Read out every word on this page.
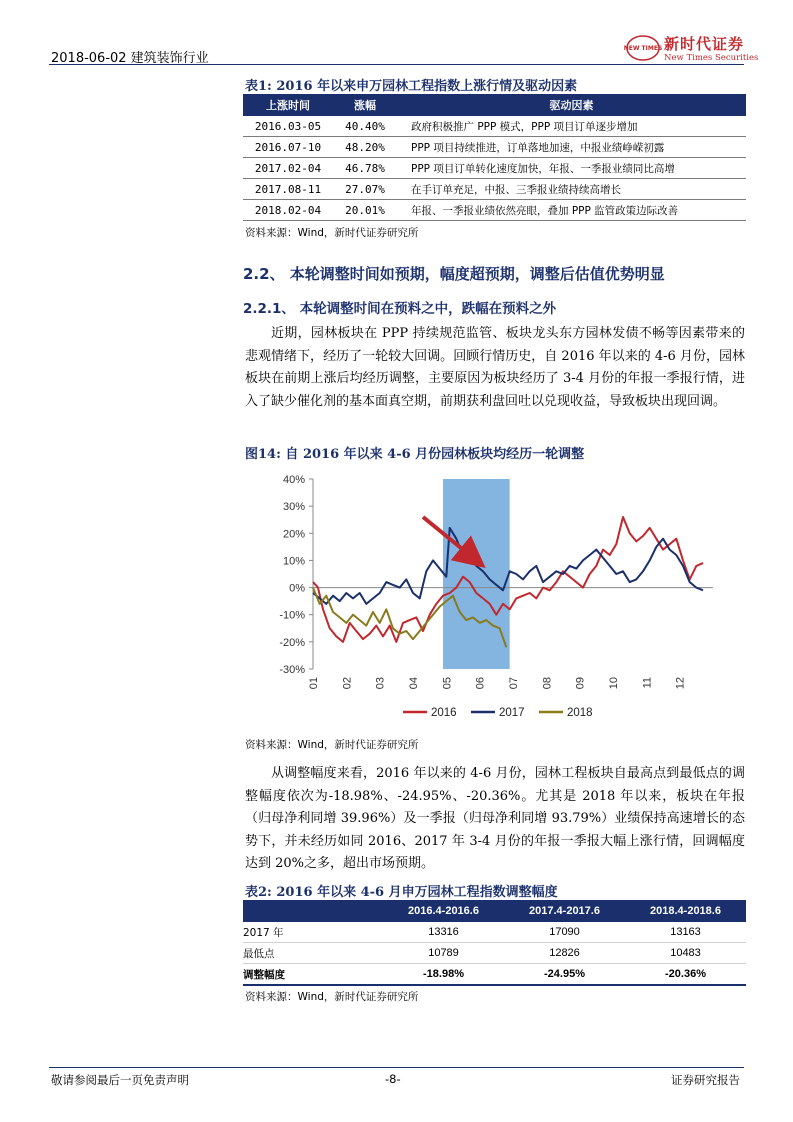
2018-06-02 建筑装饰行业
NEW TIMES 新时代证券
New Times Securities
表1: 2016 年以来申万园林工程指数上涨行情及驱动因素
上涨时间	涨幅	驱动因素
2016.03-05	40.40%	政府积极推广 PPP 模式，PPP 项目订单逐步增加
2016.07-10	48.20%	PPP 项目持续推进，订单落地加速，中报业绩峥嵘初露
2017.02-04	46.78%	PPP 项目订单转化速度加快，年报、一季报业绩同比高增
2017.08-11	27.07%	在手订单充足，中报、三季报业绩持续高增长
2018.02-04	20.01%	年报、一季报业绩依然亮眼，叠加 PPP 监管政策边际改善
资料来源：Wind，新时代证券研究所
2.2、 本轮调整时间如预期，幅度超预期，调整后估值优势明显
2.2.1、 本轮调整时间在预料之中，跌幅在预料之外
近期，园林板块在 PPP 持续规范监管、板块龙头东方园林发债不畅等因素带来的悲观情绪下，经历了一轮较大回调。回顾行情历史，自 2016 年以来的 4-6 月份，园林板块在前期上涨后均经历调整，主要原因为板块经历了 3-4 月份的年报一季报行情，进入了缺少催化剂的基本面真空期，前期获利盘回吐以兑现收益，导致板块出现回调。
图14: 自 2016 年以来 4-6 月份园林板块均经历一轮调整
40%
30%
20%
10%
0%
-10%
-20%
-30%
01 02 03 04 05 06 07 08 09 10 11 12
2016	2017	2018
资料来源：Wind，新时代证券研究所
从调整幅度来看，2016 年以来的 4-6 月份，园林工程板块自最高点到最低点的调整幅度依次为-18.98%、-24.95%、-20.36%。尤其是 2018 年以来，板块在年报（归母净利同增 39.96%）及一季报（归母净利同增 93.79%）业绩保持高速增长的态势下，并未经历如同 2016、2017 年 3-4 月份的年报一季报大幅上涨行情，回调幅度达到 20%之多，超出市场预期。
表2: 2016 年以来 4-6 月申万园林工程指数调整幅度
	2016.4-2016.6	2017.4-2017.6	2018.4-2018.6
2017 年	13316	17090	13163
最低点	10789	12826	10483
调整幅度	-18.98%	-24.95%	-20.36%
资料来源：Wind，新时代证券研究所
敬请参阅最后一页免责声明	-8-	证券研究报告
